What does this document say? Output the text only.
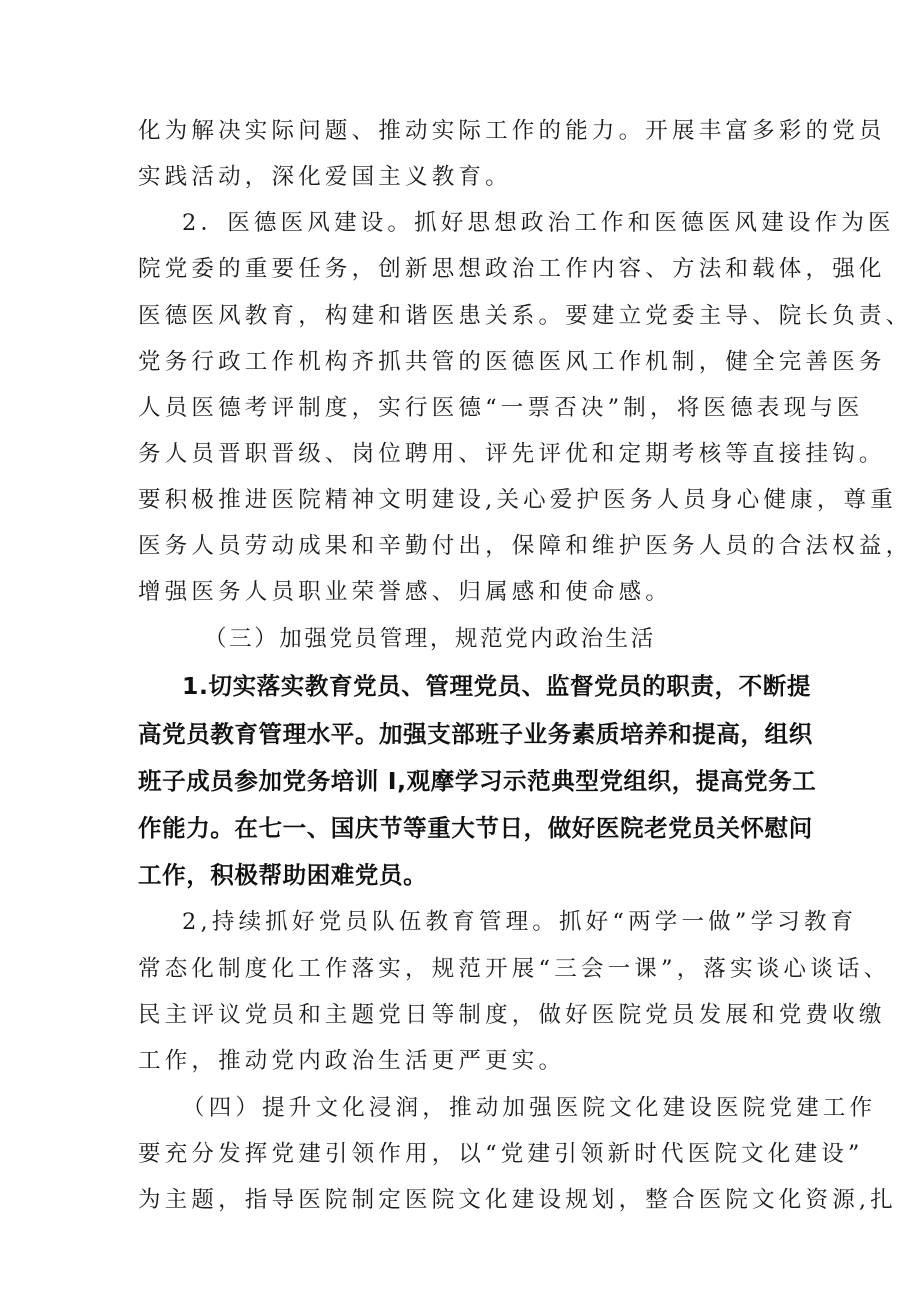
化为解决实际问题、推动实际工作的能力。开展丰富多彩的党员
实践活动，深化爱国主义教育。
2．医德医风建设。抓好思想政治工作和医德医风建设作为医
院党委的重要任务，创新思想政治工作内容、方法和载体，强化
医德医风教育，构建和谐医患关系。要建立党委主导、院长负责、
党务行政工作机构齐抓共管的医德医风工作机制，健全完善医务
人员医德考评制度，实行医德“一票否决”制，将医德表现与医
务人员晋职晋级、岗位聘用、评先评优和定期考核等直接挂钩。
要积极推进医院精神文明建设,关心爱护医务人员身心健康，尊重
医务人员劳动成果和辛勤付出，保障和维护医务人员的合法权益，
增强医务人员职业荣誉感、归属感和使命感。
（三）加强党员管理，规范党内政治生活
1.切实落实教育党员、管理党员、监督党员的职责，不断提
高党员教育管理水平。加强支部班子业务素质培养和提高，组织
班子成员参加党务培训 I,观摩学习示范典型党组织，提高党务工
作能力。在七一、国庆节等重大节日，做好医院老党员关怀慰问
工作，积极帮助困难党员。
2,持续抓好党员队伍教育管理。抓好“两学一做”学习教育
常态化制度化工作落实，规范开展“三会一课”，落实谈心谈话、
民主评议党员和主题党日等制度，做好医院党员发展和党费收缴
工作，推动党内政治生活更严更实。
（四）提升文化浸润，推动加强医院文化建设医院党建工作
要充分发挥党建引领作用，以“党建引领新时代医院文化建设”
为主题，指导医院制定医院文化建设规划，整合医院文化资源,扎
